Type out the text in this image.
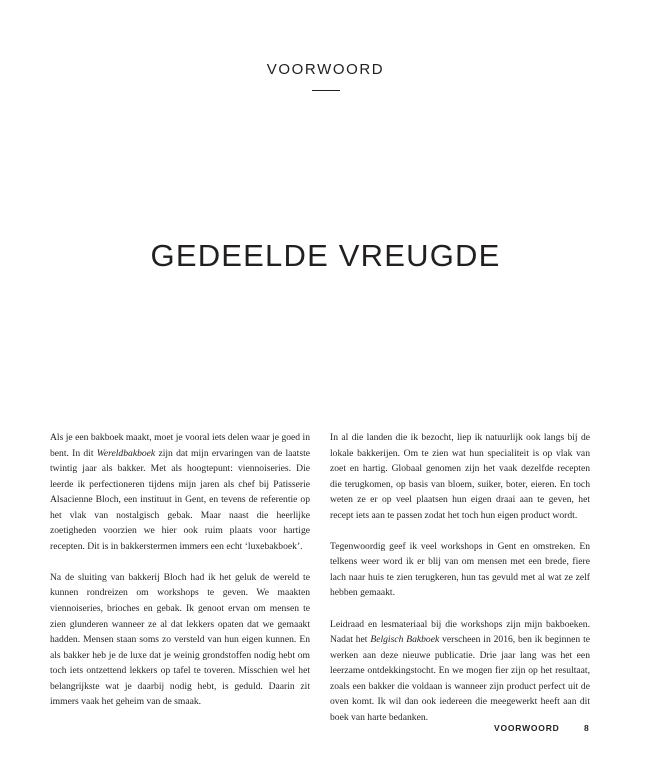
VOORWOORD
GEDEELDE VREUGDE

Als je een bakboek maakt, moet je vooral iets delen waar je goed in bent. In dit Wereldbakboek zijn dat mijn ervaringen van de laatste twintig jaar als bakker. Met als hoogtepunt: viennoiseries. Die leerde ik perfectioneren tijdens mijn jaren als chef bij Patisserie Alsacienne Bloch, een instituut in Gent, en tevens de referentie op het vlak van nostalgisch gebak. Maar naast die heerlijke zoetigheden voorzien we hier ook ruim plaats voor hartige recepten. Dit is in bakkerstermen immers een echt ‘luxebakboek’.

Na de sluiting van bakkerij Bloch had ik het geluk de wereld te kunnen rondreizen om workshops te geven. We maakten viennoiseries, brioches en gebak. Ik genoot ervan om mensen te zien glunderen wanneer ze al dat lekkers opaten dat we gemaakt hadden. Mensen staan soms zo versteld van hun eigen kunnen. En als bakker heb je de luxe dat je weinig grondstoffen nodig hebt om toch iets ontzettend lekkers op tafel te toveren. Misschien wel het belangrijkste wat je daarbij nodig hebt, is geduld. Daarin zit immers vaak het geheim van de smaak.

In al die landen die ik bezocht, liep ik natuurlijk ook langs bij de lokale bakkerijen. Om te zien wat hun specialiteit is op vlak van zoet en hartig. Globaal genomen zijn het vaak dezelfde recepten die terugkomen, op basis van bloem, suiker, boter, eieren. En toch weten ze er op veel plaatsen hun eigen draai aan te geven, het recept iets aan te passen zodat het toch hun eigen product wordt.

Tegenwoordig geef ik veel workshops in Gent en omstreken. En telkens weer word ik er blij van om mensen met een brede, fiere lach naar huis te zien terugkeren, hun tas gevuld met al wat ze zelf hebben gemaakt.

Leidraad en lesmateriaal bij die workshops zijn mijn bakboeken. Nadat het Belgisch Bakboek verscheen in 2016, ben ik beginnen te werken aan deze nieuwe publicatie. Drie jaar lang was het een leerzame ontdekkingstocht. En we mogen fier zijn op het resultaat, zoals een bakker die voldaan is wanneer zijn product perfect uit de oven komt. Ik wil dan ook iedereen die meegewerkt heeft aan dit boek van harte bedanken.

VOORWOORD	8
